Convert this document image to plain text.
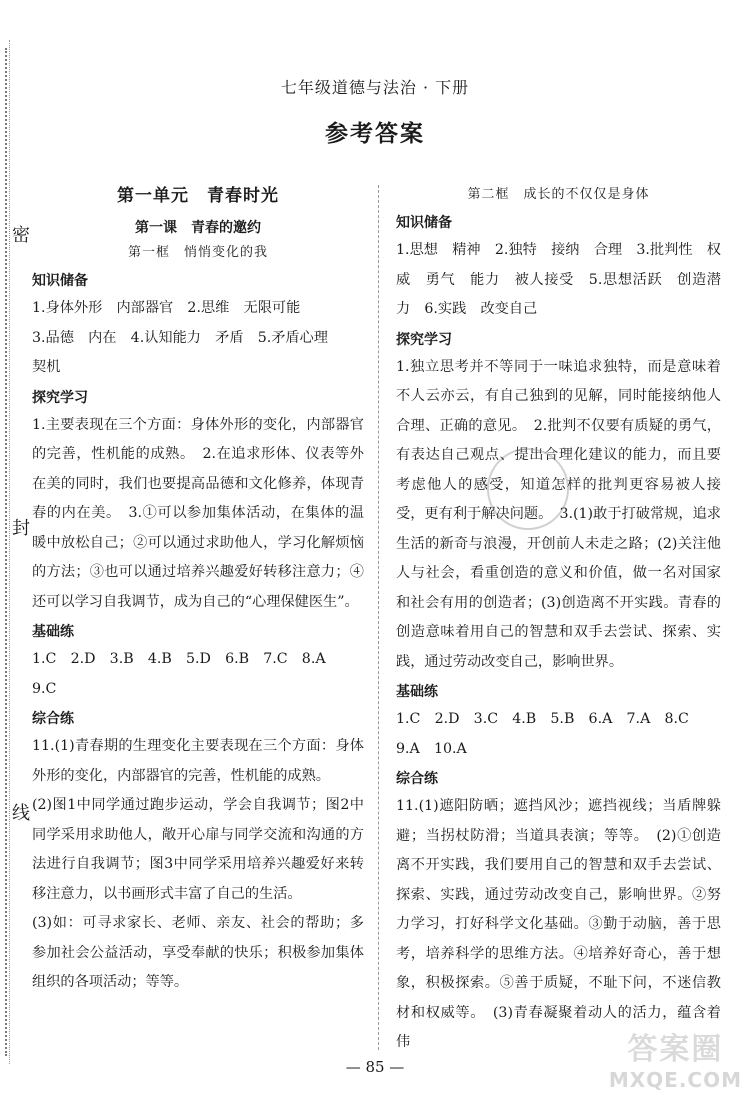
密
封
线
七年级道德与法治 · 下册
参考答案
第一单元　青春时光
第一课　青春的邀约
第一框　悄悄变化的我
知识储备
1.身体外形　内部器官　2.思维　无限可能
3.品德　内在　4.认知能力　矛盾　5.矛盾心理
契机
探究学习
1.主要表现在三个方面：身体外形的变化，内部器官的完善，性机能的成熟。　2.在追求形体、仪表等外在美的同时，我们也要提高品德和文化修养，体现青春的内在美。　3.①可以参加集体活动，在集体的温暖中放松自己；②可以通过求助他人，学习化解烦恼的方法；③也可以通过培养兴趣爱好转移注意力；④还可以学习自我调节，成为自己的“心理保健医生”。
基础练
1.C　2.D　3.B　4.B　5.D　6.B　7.C　8.A
9.C
综合练
11.(1)青春期的生理变化主要表现在三个方面：身体外形的变化，内部器官的完善，性机能的成熟。
(2)图1中同学通过跑步运动，学会自我调节；图2中同学采用求助他人，敞开心扉与同学交流和沟通的方法进行自我调节；图3中同学采用培养兴趣爱好来转移注意力，以书画形式丰富了自己的生活。
(3)如：可寻求家长、老师、亲友、社会的帮助；多参加社会公益活动，享受奉献的快乐；积极参加集体组织的各项活动；等等。
第二框　成长的不仅仅是身体
知识储备
1.思想　精神　2.独特　接纳　合理　3.批判性　权威　勇气　能力　被人接受　5.思想活跃　创造潜力　6.实践　改变自己
探究学习
1.独立思考并不等同于一味追求独特，而是意味着不人云亦云，有自己独到的见解，同时能接纳他人合理、正确的意见。　2.批判不仅要有质疑的勇气，有表达自己观点、提出合理化建议的能力，而且要考虑他人的感受，知道怎样的批判更容易被人接受，更有利于解决问题。　3.(1)敢于打破常规，追求生活的新奇与浪漫，开创前人未走之路；(2)关注他人与社会，看重创造的意义和价值，做一名对国家和社会有用的创造者；(3)创造离不开实践。青春的创造意味着用自己的智慧和双手去尝试、探索、实践，通过劳动改变自己，影响世界。
基础练
1.C　2.D　3.C　4.B　5.B　6.A　7.A　8.C
9.A　10.A
综合练
11.(1)遮阳防晒；遮挡风沙；遮挡视线；当盾牌躲避；当拐杖防滑；当道具表演；等等。　(2)①创造离不开实践，我们要用自己的智慧和双手去尝试、探索、实践，通过劳动改变自己，影响世界。②努力学习，打好科学文化基础。③勤于动脑，善于思考，培养科学的思维方法。④培养好奇心，善于想象，积极探索。⑤善于质疑，不耻下问，不迷信教材和权威等。　(3)青春凝聚着动人的活力，蕴含着伟
— 85 —	答案圈
MXQE.COM
